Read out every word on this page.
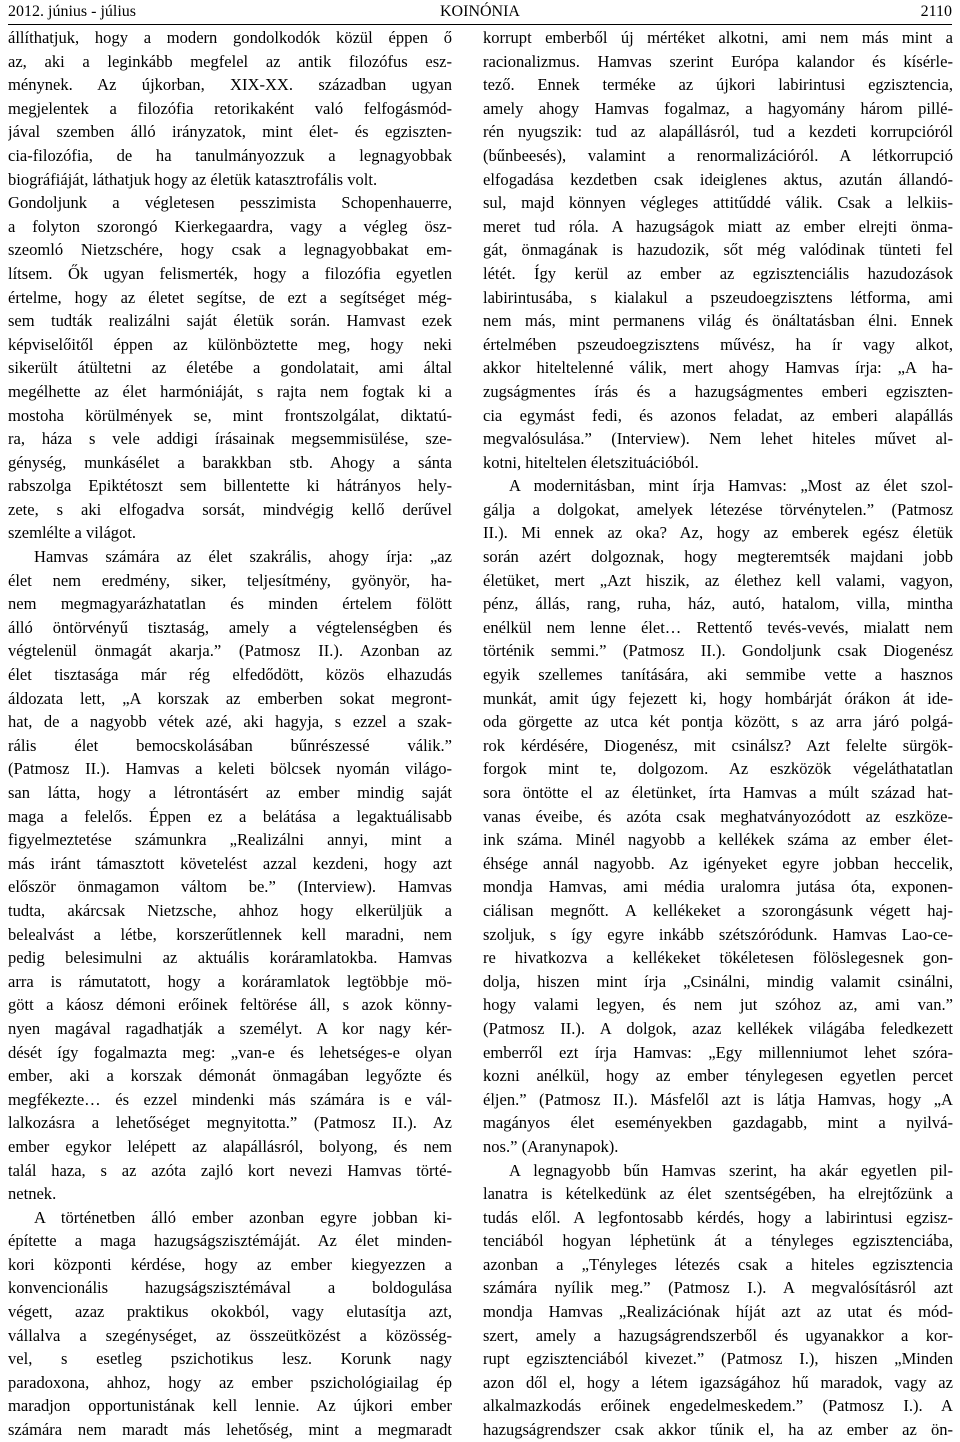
2012. június - július	KOINÓNIA	2110
állíthatjuk, hogy a modern gondolkodók közül éppen ő
az, aki a leginkább megfelel az antik filozófus esz-
ménynek. Az újkorban, XIX-XX. században ugyan
megjelentek a filozófia retorikaként való felfogásmód-
jával szemben álló irányzatok, mint élet- és egziszten-
cia-filozófia, de ha tanulmányozzuk a legnagyobbak
biográfiáját, láthatjuk hogy az életük katasztrofális volt.
Gondoljunk a végletesen pesszimista Schopenhauerre,
a folyton szorongó Kierkegaardra, vagy a végleg ösz-
szeomló Nietzschére, hogy csak a legnagyobbakat em-
lítsem. Ők ugyan felismerték, hogy a filozófia egyetlen
értelme, hogy az életet segítse, de ezt a segítséget még-
sem tudták realizálni saját életük során. Hamvast ezek
képviselőitől éppen az különböztette meg, hogy neki
sikerült átültetni az életébe a gondolatait, ami által
megélhette az élet harmóniáját, s rajta nem fogtak ki a
mostoha körülmények se, mint frontszolgálat, diktatú-
ra, háza s vele addigi írásainak megsemmisülése, sze-
génység, munkásélet a barakkban stb. Ahogy a sánta
rabszolga Epiktétoszt sem billentette ki hátrányos hely-
zete, s aki elfogadva sorsát, mindvégig kellő derűvel
szemlélte a világot.
Hamvas számára az élet szakrális, ahogy írja: „az
élet nem eredmény, siker, teljesítmény, gyönyör, ha-
nem megmagyarázhatatlan és minden értelem fölött
álló öntörvényű tisztaság, amely a végtelenségben és
végtelenül önmagát akarja.” (Patmosz II.). Azonban az
élet tisztasága már rég elfedődött, közös elhazudás
áldozata lett, „A korszak az emberben sokat megront-
hat, de a nagyobb vétek azé, aki hagyja, s ezzel a szak-
rális élet bemocskolásában bűnrészessé válik.”
(Patmosz II.). Hamvas a keleti bölcsek nyomán világo-
san látta, hogy a létrontásért az ember mindig saját
maga a felelős. Éppen ez a belátása a legaktuálisabb
figyelmeztetése számunkra „Realizálni annyi, mint a
más iránt támasztott követelést azzal kezdeni, hogy azt
először önmagamon váltom be.” (Interview). Hamvas
tudta, akárcsak Nietzsche, ahhoz hogy elkerüljük a
belealvást a létbe, korszerűtlennek kell maradni, nem
pedig belesimulni az aktuális koráramlatokba. Hamvas
arra is rámutatott, hogy a koráramlatok legtöbbje mö-
gött a káosz démoni erőinek feltörése áll, s azok könny-
nyen magával ragadhatják a személyt. A kor nagy kér-
dését így fogalmazta meg: „van-e és lehetséges-e olyan
ember, aki a korszak démonát önmagában legyőzte és
megfékezte… és ezzel mindenki más számára is e vál-
lalkozásra a lehetőséget megnyitotta.” (Patmosz II.). Az
ember egykor lelépett az alapállásról, bolyong, és nem
talál haza, s az azóta zajló kort nevezi Hamvas törté-
netnek.
A történetben álló ember azonban egyre jobban ki-
építette a maga hazugságszisztémáját. Az élet minden-
kori központi kérdése, hogy az ember kiegyezzen a
konvencionális hazugságszisztémával a boldogulása
végett, azaz praktikus okokból, vagy elutasítja azt,
vállalva a szegénységet, az összeütközést a közösség-
vel, s esetleg pszichotikus lesz. Korunk nagy
paradoxona, ahhoz, hogy az ember pszichológiailag ép
maradjon opportunistának kell lennie. Az újkori ember
számára nem maradt más lehetőség, mint a megmaradt
korrupt emberből új mértéket alkotni, ami nem más mint a
racionalizmus. Hamvas szerint Európa kalandor és kísérle-
tező. Ennek terméke az újkori labirintusi egzisztencia,
amely ahogy Hamvas fogalmaz, a hagyomány három pillé-
rén nyugszik: tud az alapállásról, tud a kezdeti korrupcióról
(bűnbeesés), valamint a renormalizációról. A létkorrupció
elfogadása kezdetben csak ideiglenes aktus, azután állandó-
sul, majd könnyen végleges attitűddé válik. Csak a lelkiis-
meret tud róla. A hazugságok miatt az ember elrejti önma-
gát, önmagának is hazudozik, sőt még valódinak tünteti fel
létét. Így kerül az ember az egzisztenciális hazudozások
labirintusába, s kialakul a pszeudoegzisztens létforma, ami
nem más, mint permanens világ és önáltatásban élni. Ennek
értelmében pszeudoegzisztens művész, ha ír vagy alkot,
akkor hiteltelenné válik, mert ahogy Hamvas írja: „A ha-
zugságmentes írás és a hazugságmentes emberi egziszten-
cia egymást fedi, és azonos feladat, az emberi alapállás
megvalósulása.” (Interview). Nem lehet hiteles művet al-
kotni, hiteltelen életszituációból.
A modernitásban, mint írja Hamvas: „Most az élet szol-
gálja a dolgokat, amelyek létezése törvénytelen.” (Patmosz
II.). Mi ennek az oka? Az, hogy az emberek egész életük
során azért dolgoznak, hogy megteremtsék majdani jobb
életüket, mert „Azt hiszik, az élethez kell valami, vagyon,
pénz, állás, rang, ruha, ház, autó, hatalom, villa, mintha
enélkül nem lenne élet… Rettentő tevés-vevés, mialatt nem
történik semmi.” (Patmosz II.). Gondoljunk csak Diogenész
egyik szellemes tanítására, aki semmibe vette a hasznos
munkát, amit úgy fejezett ki, hogy hombárját órákon át ide-
oda görgette az utca két pontja között, s az arra járó polgá-
rok kérdésére, Diogenész, mit csinálsz? Azt felelte sürgök-
forgok mint te, dolgozom. Az eszközök végeláthatatlan
sora öntötte el az életünket, írta Hamvas a múlt század hat-
vanas éveibe, és azóta csak meghatványozódott az eszköze-
ink száma. Minél nagyobb a kellékek száma az ember élet-
éhsége annál nagyobb. Az igényeket egyre jobban heccelik,
mondja Hamvas, ami média uralomra jutása óta, exponen-
ciálisan megnőtt. A kellékeket a szorongásunk végett haj-
szoljuk, s így egyre inkább szétszóródunk. Hamvas Lao-ce-
re hivatkozva a kellékeket tökéletesen fölöslegesnek gon-
dolja, hiszen mint írja „Csinálni, mindig valamit csinálni,
hogy valami legyen, és nem jut szóhoz az, ami van.”
(Patmosz II.). A dolgok, azaz kellékek világába feledkezett
emberről ezt írja Hamvas: „Egy millenniumot lehet szóra-
kozni anélkül, hogy az ember ténylegesen egyetlen percet
éljen.” (Patmosz II.). Másfelől azt is látja Hamvas, hogy „A
magányos élet eseményekben gazdagabb, mint a nyilvá-
nos.” (Aranynapok).
A legnagyobb bűn Hamvas szerint, ha akár egyetlen pil-
lanatra is kételkedünk az élet szentségében, ha elrejtőzünk a
tudás elől. A legfontosabb kérdés, hogy a labirintusi egzisz-
tenciából hogyan léphetünk át a tényleges egzisztenciába,
azonban a „Tényleges létezés csak a hiteles egzisztencia
számára nyílik meg.” (Patmosz I.). A megvalósításról azt
mondja Hamvas „Realizációnak híját azt az utat és mód-
szert, amely a hazugságrendszerből és ugyanakkor a kor-
rupt egzisztenciából kivezet.” (Patmosz I.), hiszen „Minden
azon dől el, hogy a létem igazságához hű maradok, vagy az
alkalmazkodás erőinek engedelmeskedem.” (Patmosz I.). A
hazugságrendszer csak akkor tűnik el, ha az ember az ön-
